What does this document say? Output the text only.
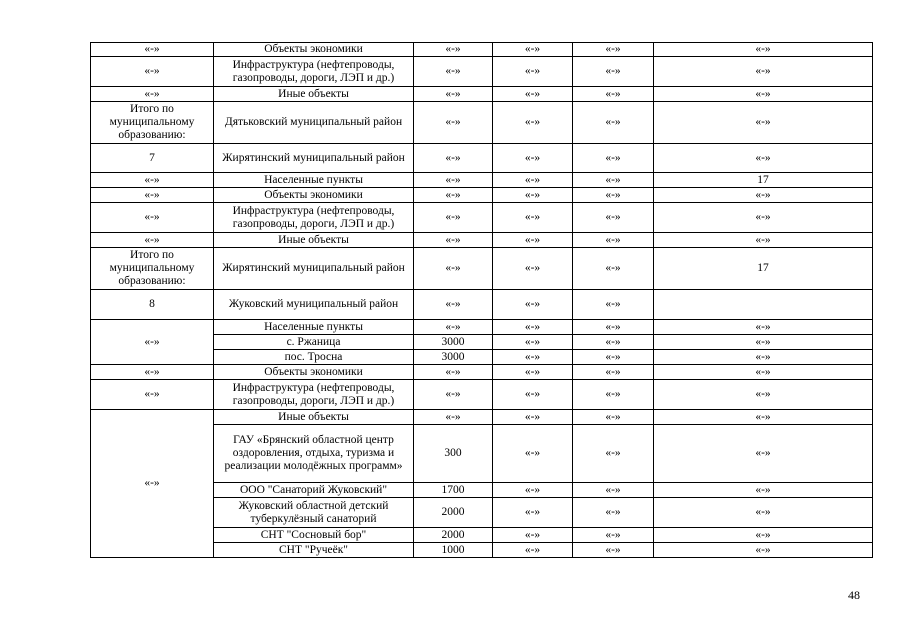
«-»	Объекты экономики	«-»	«-»	«-»	«-»
«-»	Инфраструктура (нефтепроводы, газопроводы, дороги, ЛЭП и др.)	«-»	«-»	«-»	«-»
«-»	Иные объекты	«-»	«-»	«-»	«-»
Итого по муниципальному образованию:	Дятьковский муниципальный район	«-»	«-»	«-»	«-»
7	Жирятинский муниципальный район	«-»	«-»	«-»	«-»
«-»	Населенные пункты	«-»	«-»	«-»	17
«-»	Объекты экономики	«-»	«-»	«-»	«-»
«-»	Инфраструктура (нефтепроводы, газопроводы, дороги, ЛЭП и др.)	«-»	«-»	«-»	«-»
«-»	Иные объекты	«-»	«-»	«-»	«-»
Итого по муниципальному образованию:	Жирятинский муниципальный район	«-»	«-»	«-»	17
8	Жуковский муниципальный район	«-»	«-»	«-»	
«-»	Населенные пункты	«-»	«-»	«-»	«-»
	с. Ржаница	3000	«-»	«-»	«-»
	пос. Тросна	3000	«-»	«-»	«-»
«-»	Объекты экономики	«-»	«-»	«-»	«-»
«-»	Инфраструктура (нефтепроводы, газопроводы, дороги, ЛЭП и др.)	«-»	«-»	«-»	«-»
«-»	Иные объекты	«-»	«-»	«-»	«-»
	ГАУ «Брянский областной центр оздоровления, отдыха, туризма и реализации молодёжных программ»	300	«-»	«-»	«-»
	ООО "Санаторий Жуковский"	1700	«-»	«-»	«-»
	Жуковский областной детский туберкулёзный санаторий	2000	«-»	«-»	«-»
	СНТ "Сосновый бор"	2000	«-»	«-»	«-»
	СНТ "Ручеёк"	1000	«-»	«-»	«-»
48
